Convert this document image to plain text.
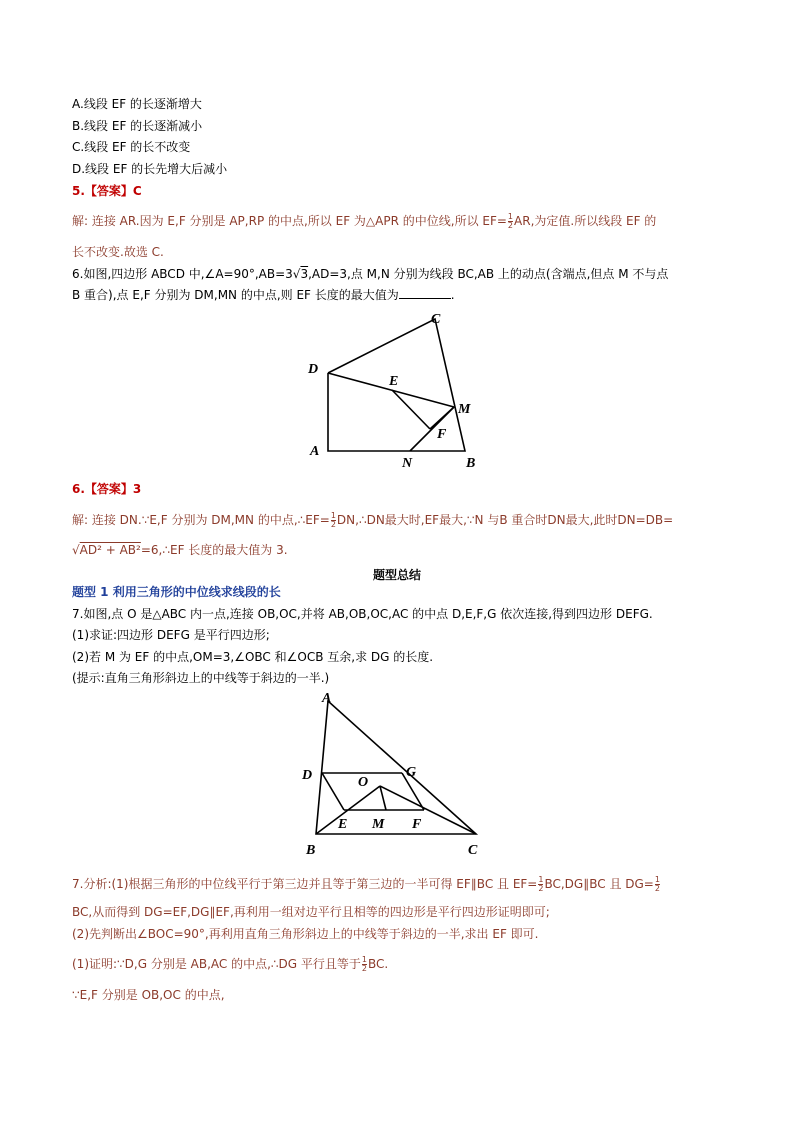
A.线段 EF 的长逐渐增大
B.线段 EF 的长逐渐减小
C.线段 EF 的长不改变
D.线段 EF 的长先增大后减小
5.【答案】C
解: 连接 AR.因为 E,F 分别是 AP,RP 的中点,所以 EF 为△APR 的中位线,所以 $EF= \frac{1}{2}$ AR,为定值.所以线段 EF 的
长不改变.故选 C.
6.如图,四边形 ABCD 中,∠A=90°,AB=3√3,AD=3,点 M,N 分别为线段 BC,AB 上的动点(含端点,但点 M 不与点
B 重合),点 E,F 分别为 DM,MN 的中点,则 EF 长度的最大值为	.
C
D
E
M
F
A
N	B
6.【答案】3
解: 连接 DN.∵E,F 分别为 DM,MN 的中点,∴EF= $\frac{1}{2}$ DN,∴DN最大时,EF最大,∵N 与B 重合时DN最大,此时DN=DB=
√AD² + AB²=6,∴EF 长度的最大值为 3.
题型总结
题型 1 利用三角形的中位线求线段的长
7.如图,点 O 是△ABC 内一点,连接 OB,OC,并将 AB,OB,OC,AC 的中点 D,E,F,G 依次连接,得到四边形 DEFG.
(1)求证:四边形 DEFG 是平行四边形;
(2)若 M 为 EF 的中点,OM=3,∠OBC 和∠OCB 互余,求 DG 的长度.
(提示:直角三角形斜边上的中线等于斜边的一半.)
A
D	O
G
E M F
B	C
7.分析:(1)根据三角形的中位线平行于第三边并且等于第三边的一半可得 EF∥BC 且 $EF= \frac{1}{2}$ BC,DG∥BC 且 $DG= \frac{1}{2}$
BC,从而得到 DG=EF,DG∥EF,再利用一组对边平行且相等的四边形是平行四边形证明即可;
(2)先判断出∠BOC=90°,再利用直角三角形斜边上的中线等于斜边的一半,求出 EF 即可.
(1)证明:∵D,G 分别是 AB,AC 的中点,∴DG 平行且等于 $\frac{1}{2}$ BC.
∵E,F 分别是 OB,OC 的中点,
